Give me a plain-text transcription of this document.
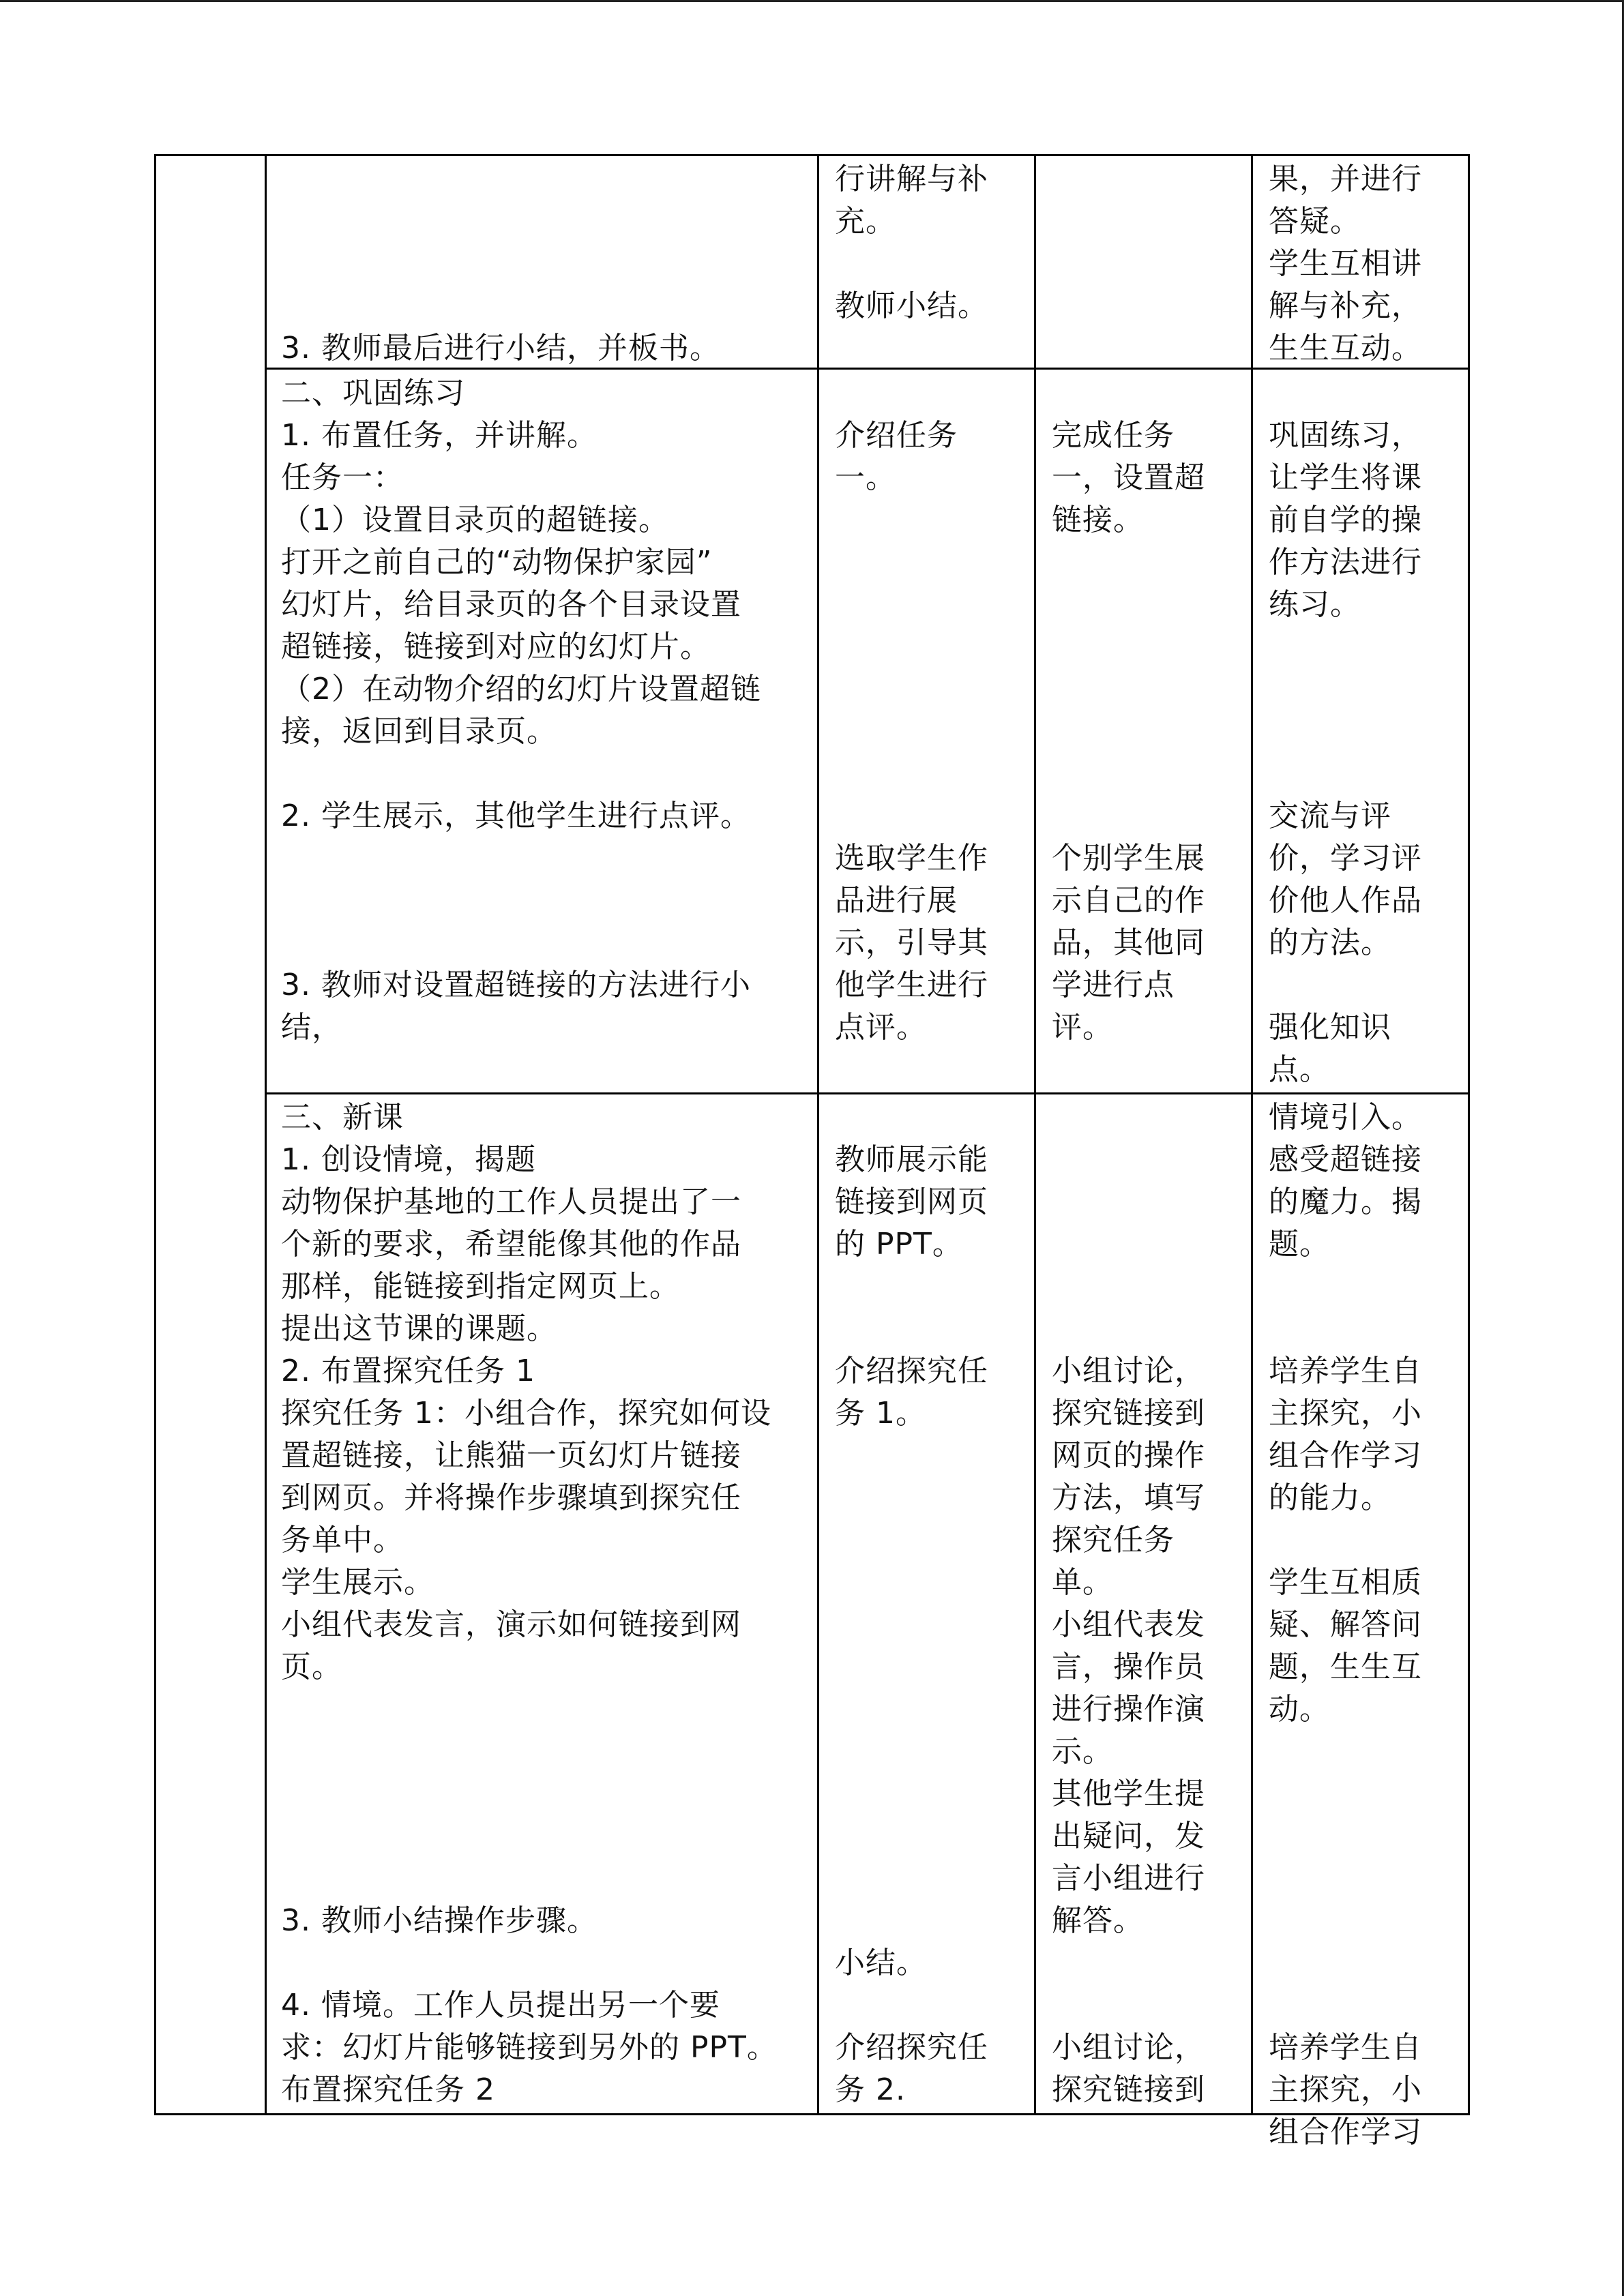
3. 教师最后进行小结，并板书。
行讲解与补
充。

教师小结。
果，并进行
答疑。
学生互相讲
解与补充，
生生互动。
二、巩固练习
1. 布置任务，并讲解。
任务一：
（1）设置目录页的超链接。
打开之前自己的“动物保护家园”
幻灯片，给目录页的各个目录设置
超链接，链接到对应的幻灯片。
（2）在动物介绍的幻灯片设置超链
接，返回到目录页。

2. 学生展示，其他学生进行点评。

3. 教师对设置超链接的方法进行小
结，

介绍任务
一。

选取学生作
品进行展
示，引导其
他学生进行
点评。

完成任务
一，设置超
链接。

个别学生展
示自己的作
品，其他同
学进行点
评。

巩固练习，
让学生将课
前自学的操
作方法进行
练习。

交流与评
价，学习评
价他人作品
的方法。

强化知识
点。
三、新课
1. 创设情境，揭题
动物保护基地的工作人员提出了一
个新的要求，希望能像其他的作品
那样，能链接到指定网页上。
提出这节课的课题。
2. 布置探究任务 1
探究任务 1：小组合作，探究如何设
置超链接，让熊猫一页幻灯片链接
到网页。并将操作步骤填到探究任
务单中。
学生展示。
小组代表发言，演示如何链接到网
页。

3. 教师小结操作步骤。

4. 情境。工作人员提出另一个要
求：幻灯片能够链接到另外的 PPT。
布置探究任务 2

教师展示能
链接到网页
的 PPT。

介绍探究任
务 1。

小结。

介绍探究任
务 2.

小组讨论，
探究链接到
网页的操作
方法，填写
探究任务
单。
小组代表发
言，操作员
进行操作演
示。
其他学生提
出疑问，发
言小组进行
解答。

小组讨论，
探究链接到
情境引入。
感受超链接
的魔力。揭
题。

培养学生自
主探究，小
组合作学习
的能力。

学生互相质
疑、解答问
题，生生互
动。

培养学生自
主探究，小
组合作学习
